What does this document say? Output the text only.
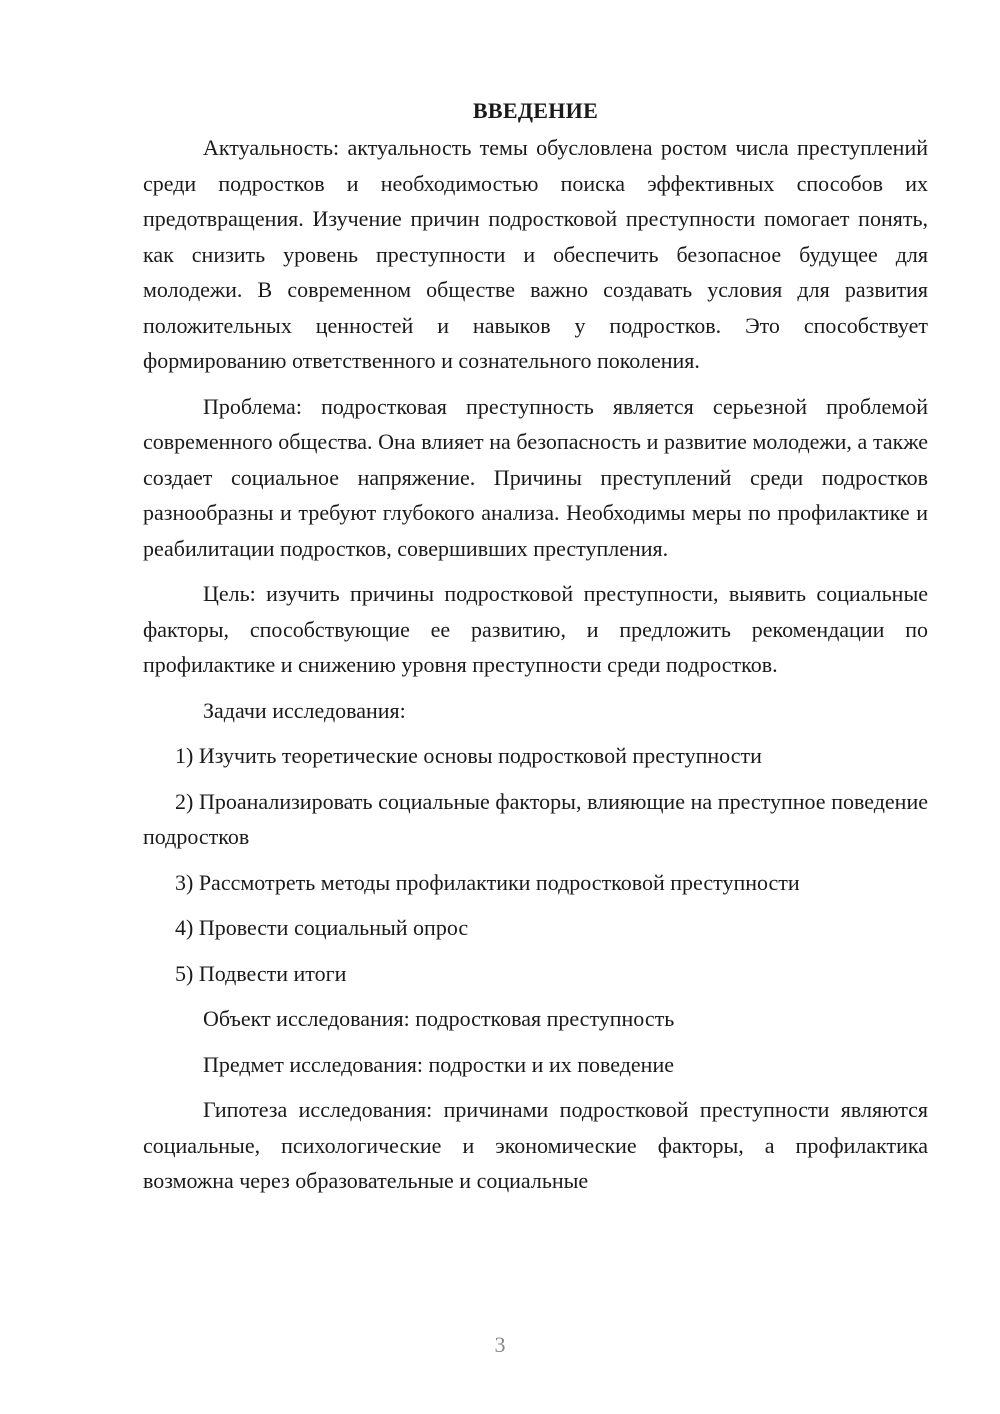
ВВЕДЕНИЕ

Актуальность: актуальность темы обусловлена ростом числа преступлений среди подростков и необходимостью поиска эффективных способов их предотвращения. Изучение причин подростковой преступности помогает понять, как снизить уровень преступности и обеспечить безопасное будущее для молодежи. В современном обществе важно создавать условия для развития положительных ценностей и навыков у подростков. Это способствует формированию ответственного и сознательного поколения.

Проблема: подростковая преступность является серьезной проблемой современного общества. Она влияет на безопасность и развитие молодежи, а также создает социальное напряжение. Причины преступлений среди подростков разнообразны и требуют глубокого анализа. Необходимы меры по профилактике и реабилитации подростков, совершивших преступления.

Цель: изучить причины подростковой преступности, выявить социальные факторы, способствующие ее развитию, и предложить рекомендации по профилактике и снижению уровня преступности среди подростков.

Задачи исследования:

1) Изучить теоретические основы подростковой преступности

2) Проанализировать социальные факторы, влияющие на преступное поведение подростков

3) Рассмотреть методы профилактики подростковой преступности

4) Провести социальный опрос

5) Подвести итоги

Объект исследования: подростковая преступность

Предмет исследования: подростки и их поведение

Гипотеза исследования: причинами подростковой преступности являются социальные, психологические и экономические факторы, а профилактика возможна через образовательные и социальные

3
